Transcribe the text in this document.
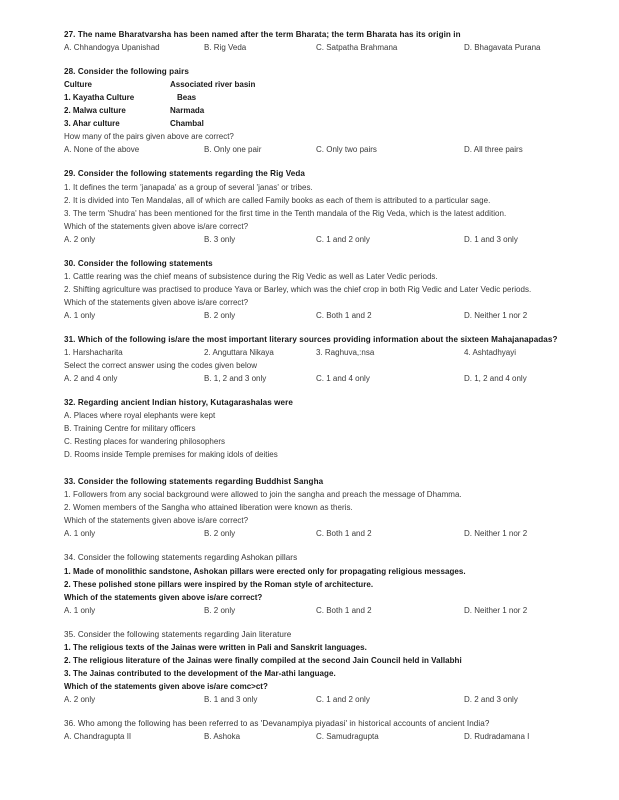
27. The name Bharatvarsha has been named after the term Bharata; the term Bharata has its origin in
A. Chhandogya Upanishad	B. Rig Veda	C. Satpatha Brahmana	D. Bhagavata Purana
28. Consider the following pairs
Culture	Associated river basin
1. Kayatha Culture	Beas
2. Malwa culture	Narmada
3. Ahar culture	Chambal
How many of the pairs given above are correct?
A. None of the above	B. Only one pair	C. Only two pairs	D. All three pairs
29. Consider the following statements regarding the Rig Veda
1. It defines the term 'janapada' as a group of several 'janas' or tribes.
2. It is divided into Ten Mandalas, all of which are called Family books as each of them is attributed to a particular sage.
3. The term 'Shudra' has been mentioned for the first time in the Tenth mandala of the Rig Veda, which is the latest addition.
Which of the statements given above is/are correct?
A. 2 only	B. 3 only	C. 1 and 2 only	D. 1 and 3 only
30. Consider the following statements
1. Cattle rearing was the chief means of subsistence during the Rig Vedic as well as Later Vedic periods.
2. Shifting agriculture was practised to produce Yava or Barley, which was the chief crop in both Rig Vedic and Later Vedic periods.
Which of the statements given above is/are correct?
A. 1 only	B. 2 only	C. Both 1 and 2	D. Neither 1 nor 2
31. Which of the following is/are the most important literary sources providing information about the sixteen Mahajanapadas?
1. Harshacharita	2. Anguttara Nikaya	3. Raghuva,:nsa	4. Ashtadhyayi
Select the correct answer using the codes given below
A. 2 and 4 only	B. 1, 2 and 3 only	C. 1 and 4 only	D. 1, 2 and 4 only
32. Regarding ancient Indian history, Kutagarashalas were
A. Places where royal elephants were kept
B. Training Centre for military officers
C. Resting places for wandering philosophers
D. Rooms inside Temple premises for making idols of deities
33. Consider the following statements regarding Buddhist Sangha
1. Followers from any social background were allowed to join the sangha and preach the message of Dhamma.
2. Women members of the Sangha who attained liberation were known as theris.
Which of the statements given above is/are correct?
A. 1 only	B. 2 only	C. Both 1 and 2	D. Neither 1 nor 2
34. Consider the following statements regarding Ashokan pillars
1. Made of monolithic sandstone, Ashokan pillars were erected only for propagating religious messages.
2. These polished stone pillars were inspired by the Roman style of architecture.
Which of the statements given above is/are correct?
A. 1 only	B. 2 only	C. Both 1 and 2	D. Neither 1 nor 2
35. Consider the following statements regarding Jain literature
1. The religious texts of the Jainas were written in Pali and Sanskrit languages.
2. The religious literature of the Jainas were finally compiled at the second Jain Council held in Vallabhi
3. The Jainas contributed to the development of the Mar-athi language.
Which of the statements given above is/are comc>ct?
A. 2 only	B. 1 and 3 only	C. 1 and 2 only	D. 2 and 3 only
36. Who among the following has been referred to as 'Devanampiya piyadasi' in historical accounts of ancient India?
A. Chandragupta II	B. Ashoka	C. Samudragupta	D. Rudradamana I
